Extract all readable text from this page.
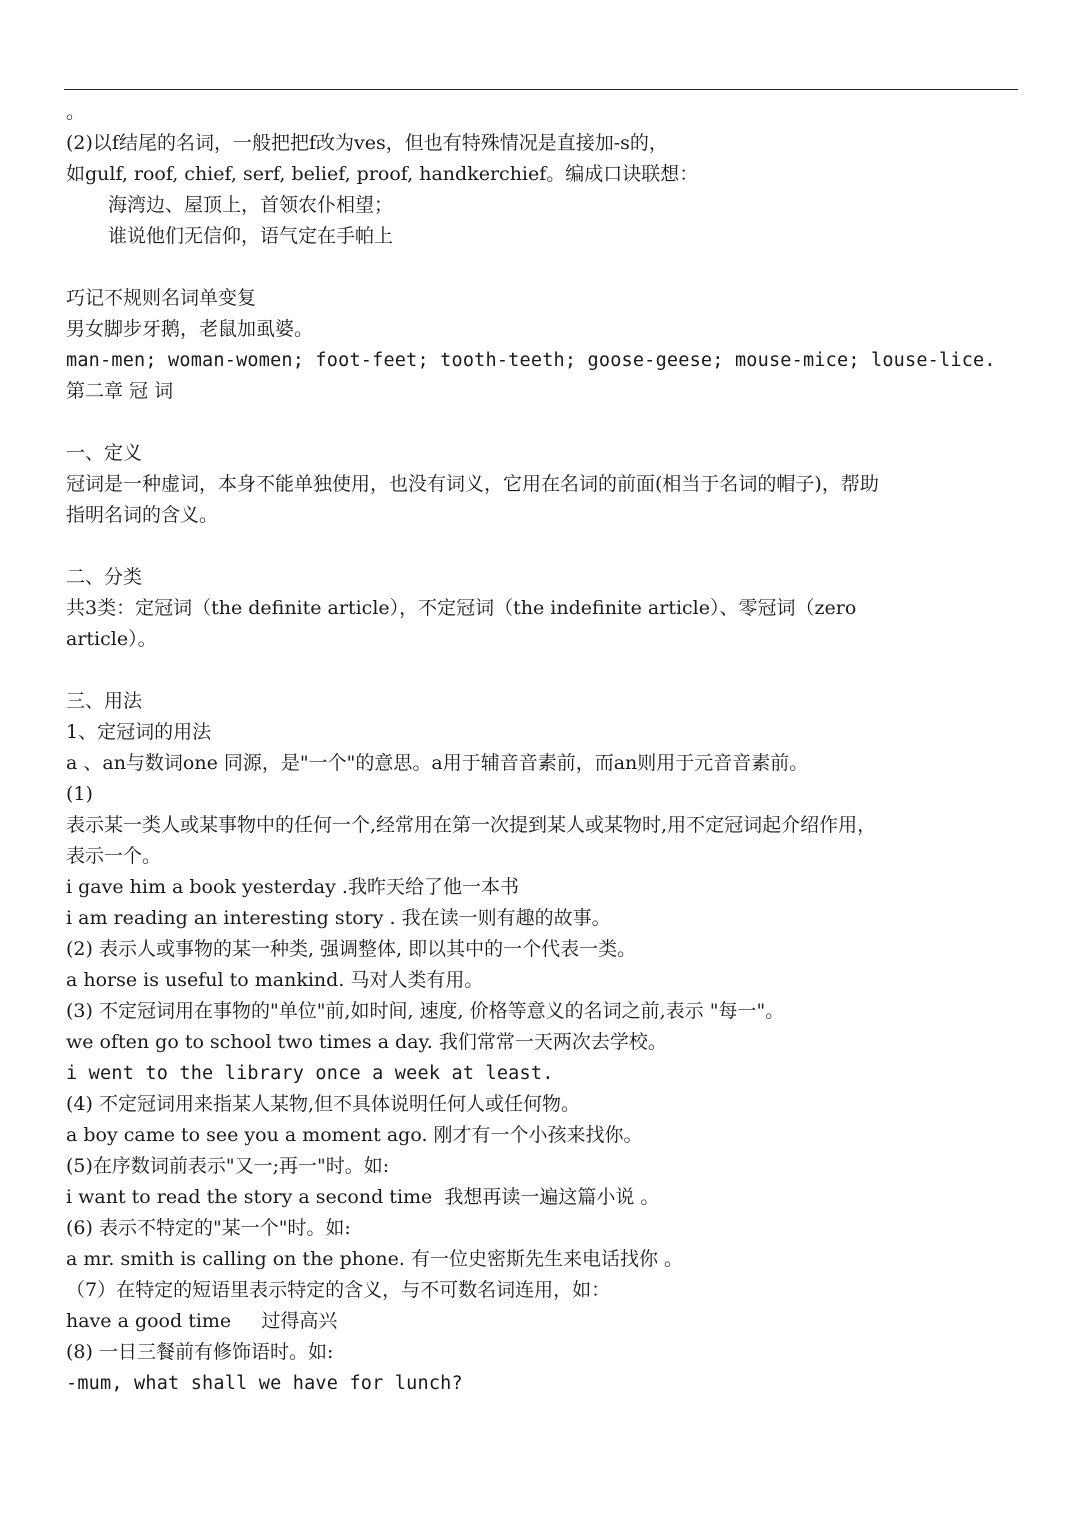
。
(2)以f结尾的名词，一般把把f改为ves，但也有特殊情况是直接加-s的，
如gulf, roof, chief, serf, belief, proof, handkerchief。编成口诀联想：
海湾边、屋顶上，首领农仆相望；
谁说他们无信仰，语气定在手帕上
巧记不规则名词单变复
男女脚步牙鹅，老鼠加虱婆。
man-men; woman-women; foot-feet; tooth-teeth; goose-geese; mouse-mice; louse-lice.
第二章 冠 词
一、定义
冠词是一种虚词，本身不能单独使用，也没有词义，它用在名词的前面(相当于名词的帽子)，帮助
指明名词的含义。
二、分类
共3类：定冠词（the definite article），不定冠词（the indefinite article）、零冠词（zero
article）。
三、用法
1、定冠词的用法
a 、an与数词one 同源，是"一个"的意思。a用于辅音音素前，而an则用于元音音素前。
(1)
表示某一类人或某事物中的任何一个,经常用在第一次提到某人或某物时,用不定冠词起介绍作用，
表示一个。
i gave him a book yesterday .我昨天给了他一本书
i am reading an interesting story . 我在读一则有趣的故事。
(2) 表示人或事物的某一种类, 强调整体, 即以其中的一个代表一类。
a horse is useful to mankind. 马对人类有用。
(3) 不定冠词用在事物的"单位"前,如时间, 速度, 价格等意义的名词之前,表示 "每一"。
we often go to school two times a day. 我们常常一天两次去学校。
i went to the library once a week at least.
(4) 不定冠词用来指某人某物,但不具体说明任何人或任何物。
a boy came to see you a moment ago. 刚才有一个小孩来找你。
(5)在序数词前表示"又一;再一"时。如:
i want to read the story a second time  我想再读一遍这篇小说 。
(6) 表示不特定的"某一个"时。如:
a mr. smith is calling on the phone. 有一位史密斯先生来电话找你 。
（7）在特定的短语里表示特定的含义，与不可数名词连用，如：
have a good time     过得高兴
(8) 一日三餐前有修饰语时。如:
-mum, what shall we have for lunch?
